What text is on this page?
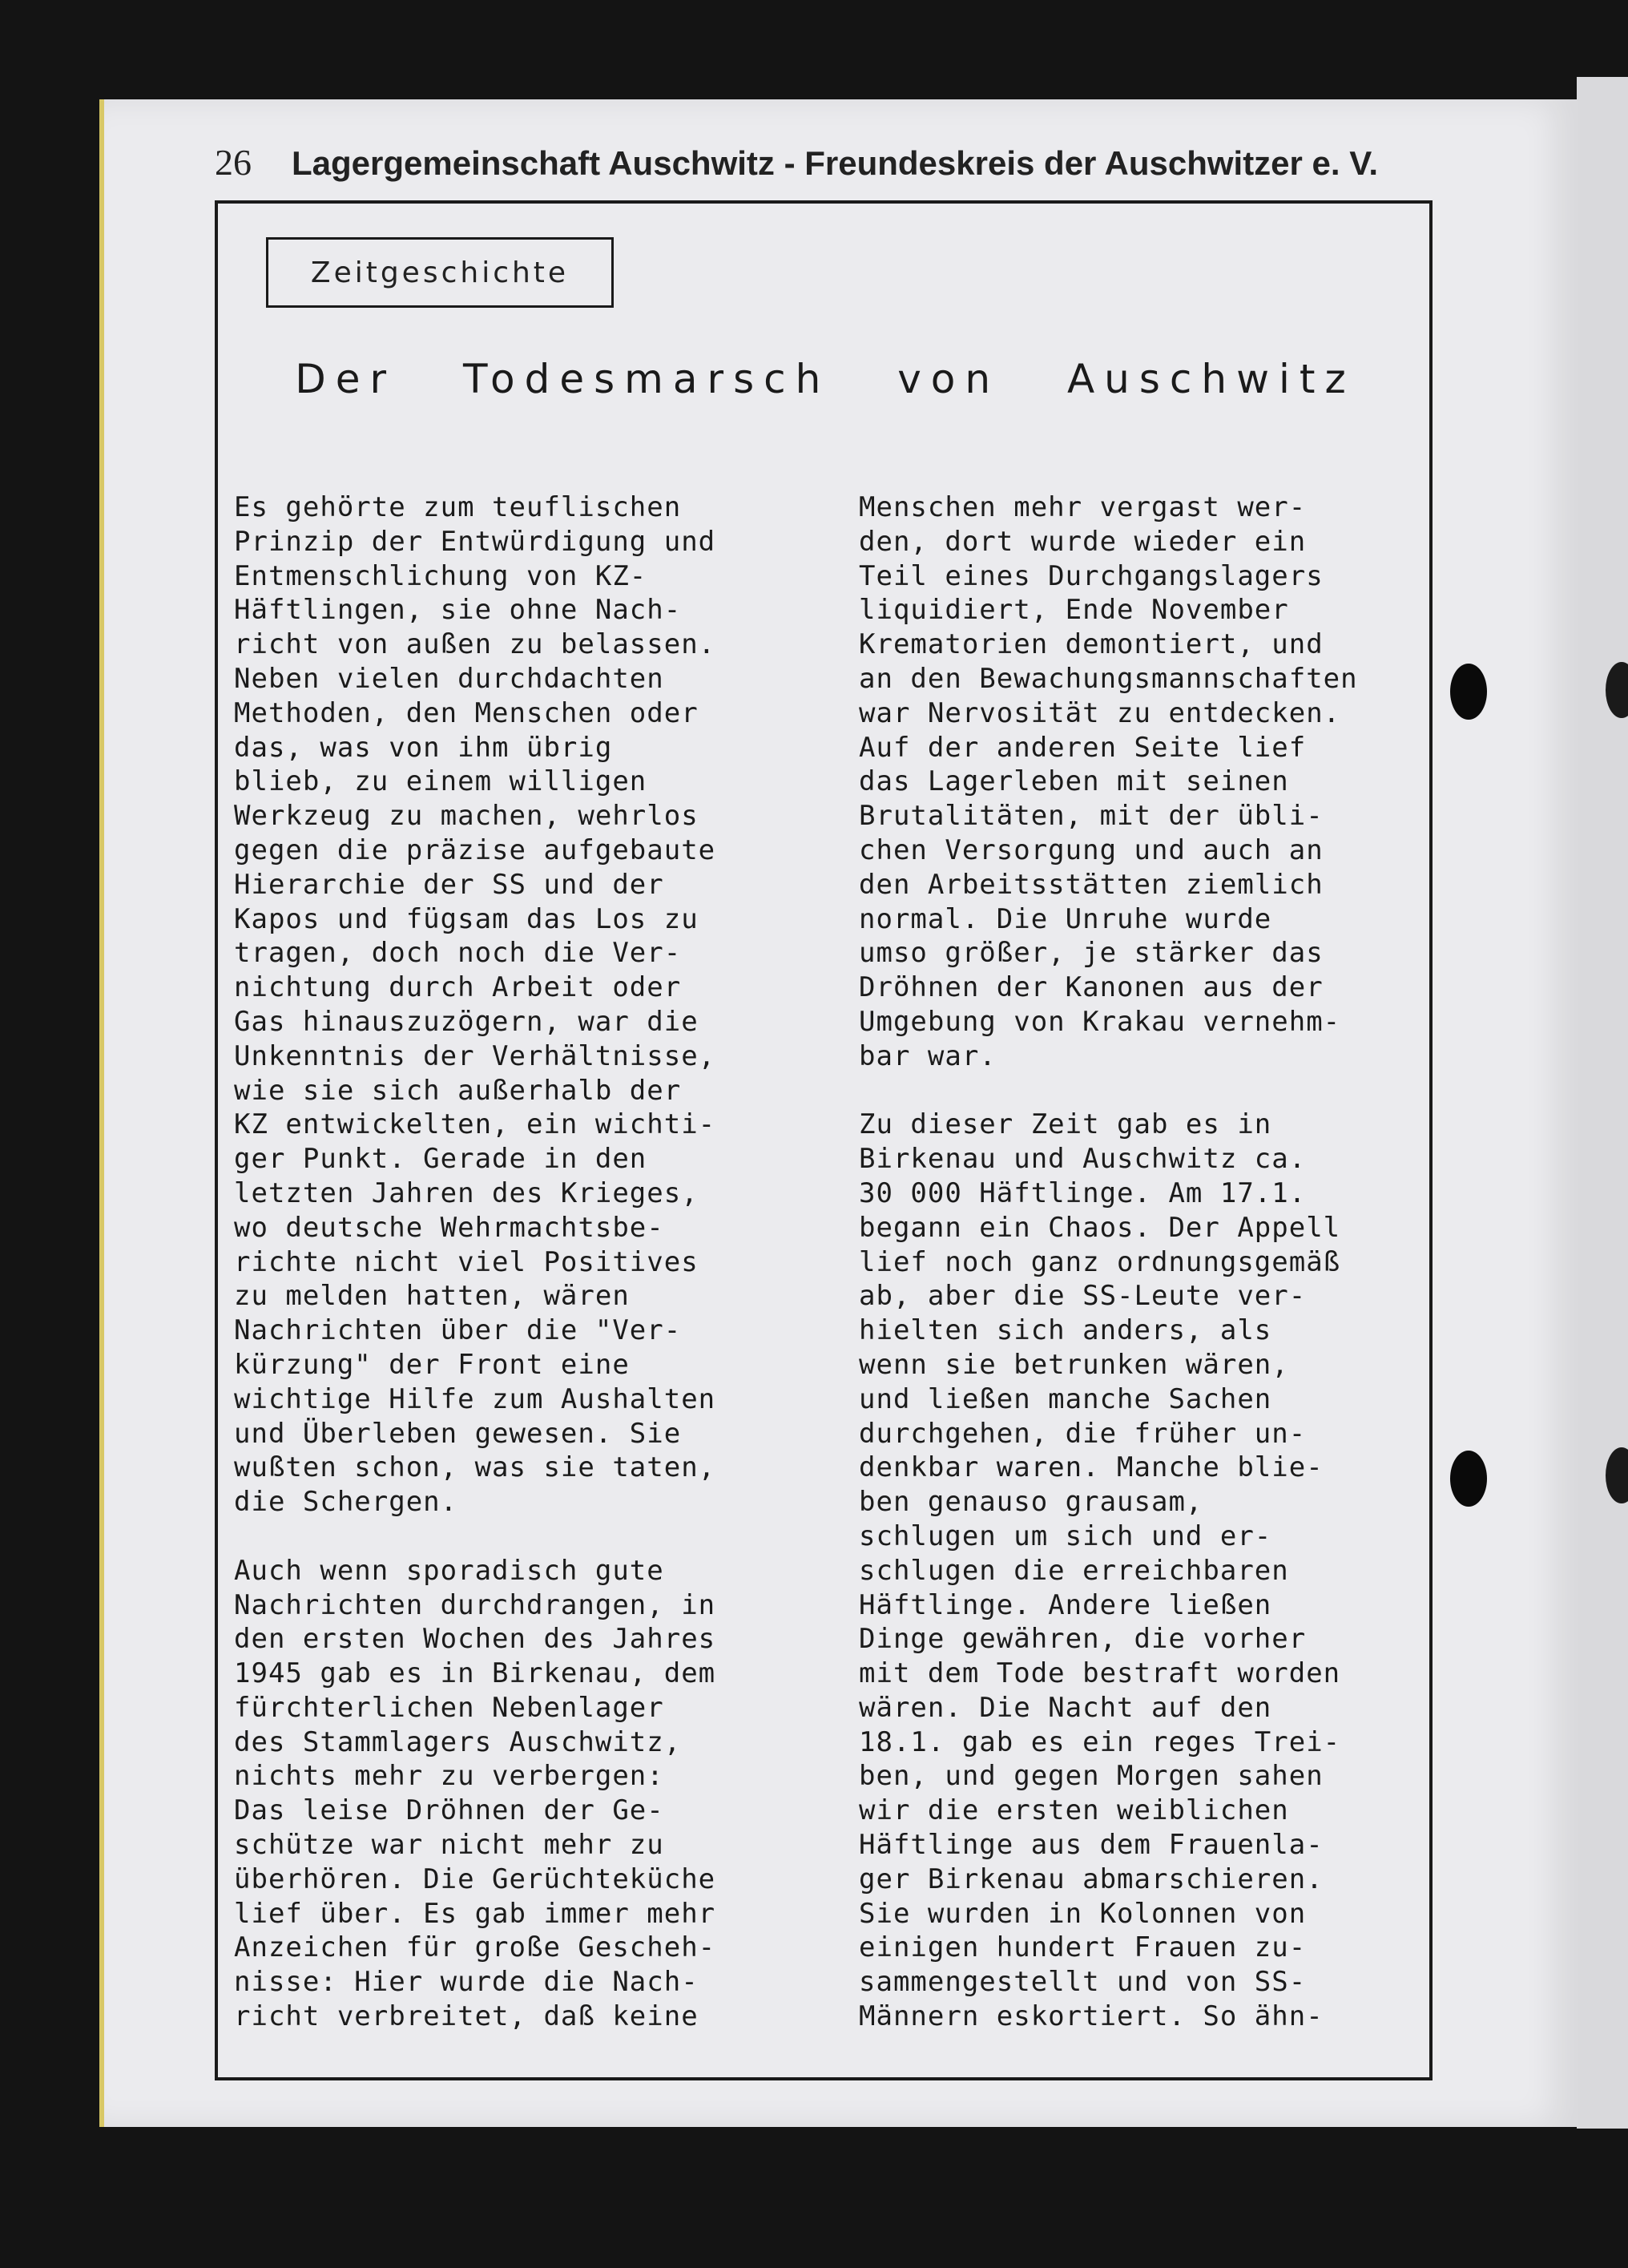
26 Lagergemeinschaft Auschwitz - Freundeskreis der Auschwitzer e. V.
Zeitgeschichte
Der Todesmarsch von Auschwitz
Es gehörte zum teuflischen
Prinzip der Entwürdigung und
Entmenschlichung von KZ-
Häftlingen, sie ohne Nach-
richt von außen zu belassen.
Neben vielen durchdachten
Methoden, den Menschen oder
das, was von ihm übrig
blieb, zu einem willigen
Werkzeug zu machen, wehrlos
gegen die präzise aufgebaute
Hierarchie der SS und der
Kapos und fügsam das Los zu
tragen, doch noch die Ver-
nichtung durch Arbeit oder
Gas hinauszuzögern, war die
Unkenntnis der Verhältnisse,
wie sie sich außerhalb der
KZ entwickelten, ein wichti-
ger Punkt. Gerade in den
letzten Jahren des Krieges,
wo deutsche Wehrmachtsbe-
richte nicht viel Positives
zu melden hatten, wären
Nachrichten über die "Ver-
kürzung" der Front eine
wichtige Hilfe zum Aushalten
und Überleben gewesen. Sie
wußten schon, was sie taten,
die Schergen.
Auch wenn sporadisch gute
Nachrichten durchdrangen, in
den ersten Wochen des Jahres
1945 gab es in Birkenau, dem
fürchterlichen Nebenlager
des Stammlagers Auschwitz,
nichts mehr zu verbergen:
Das leise Dröhnen der Ge-
schütze war nicht mehr zu
überhören. Die Gerüchteküche
lief über. Es gab immer mehr
Anzeichen für große Gescheh-
nisse: Hier wurde die Nach-
richt verbreitet, daß keine
Menschen mehr vergast wer-
den, dort wurde wieder ein
Teil eines Durchgangslagers
liquidiert, Ende November
Krematorien demontiert, und
an den Bewachungsmannschaften
war Nervosität zu entdecken.
Auf der anderen Seite lief
das Lagerleben mit seinen
Brutalitäten, mit der übli-
chen Versorgung und auch an
den Arbeitsstätten ziemlich
normal. Die Unruhe wurde
umso größer, je stärker das
Dröhnen der Kanonen aus der
Umgebung von Krakau vernehm-
bar war.
Zu dieser Zeit gab es in
Birkenau und Auschwitz ca.
30 000 Häftlinge. Am 17.1.
begann ein Chaos. Der Appell
lief noch ganz ordnungsgemäß
ab, aber die SS-Leute ver-
hielten sich anders, als
wenn sie betrunken wären,
und ließen manche Sachen
durchgehen, die früher un-
denkbar waren. Manche blie-
ben genauso grausam,
schlugen um sich und er-
schlugen die erreichbaren
Häftlinge. Andere ließen
Dinge gewähren, die vorher
mit dem Tode bestraft worden
wären. Die Nacht auf den
18.1. gab es ein reges Trei-
ben, und gegen Morgen sahen
wir die ersten weiblichen
Häftlinge aus dem Frauenla-
ger Birkenau abmarschieren.
Sie wurden in Kolonnen von
einigen hundert Frauen zu-
sammengestellt und von SS-
Männern eskortiert. So ähn-
